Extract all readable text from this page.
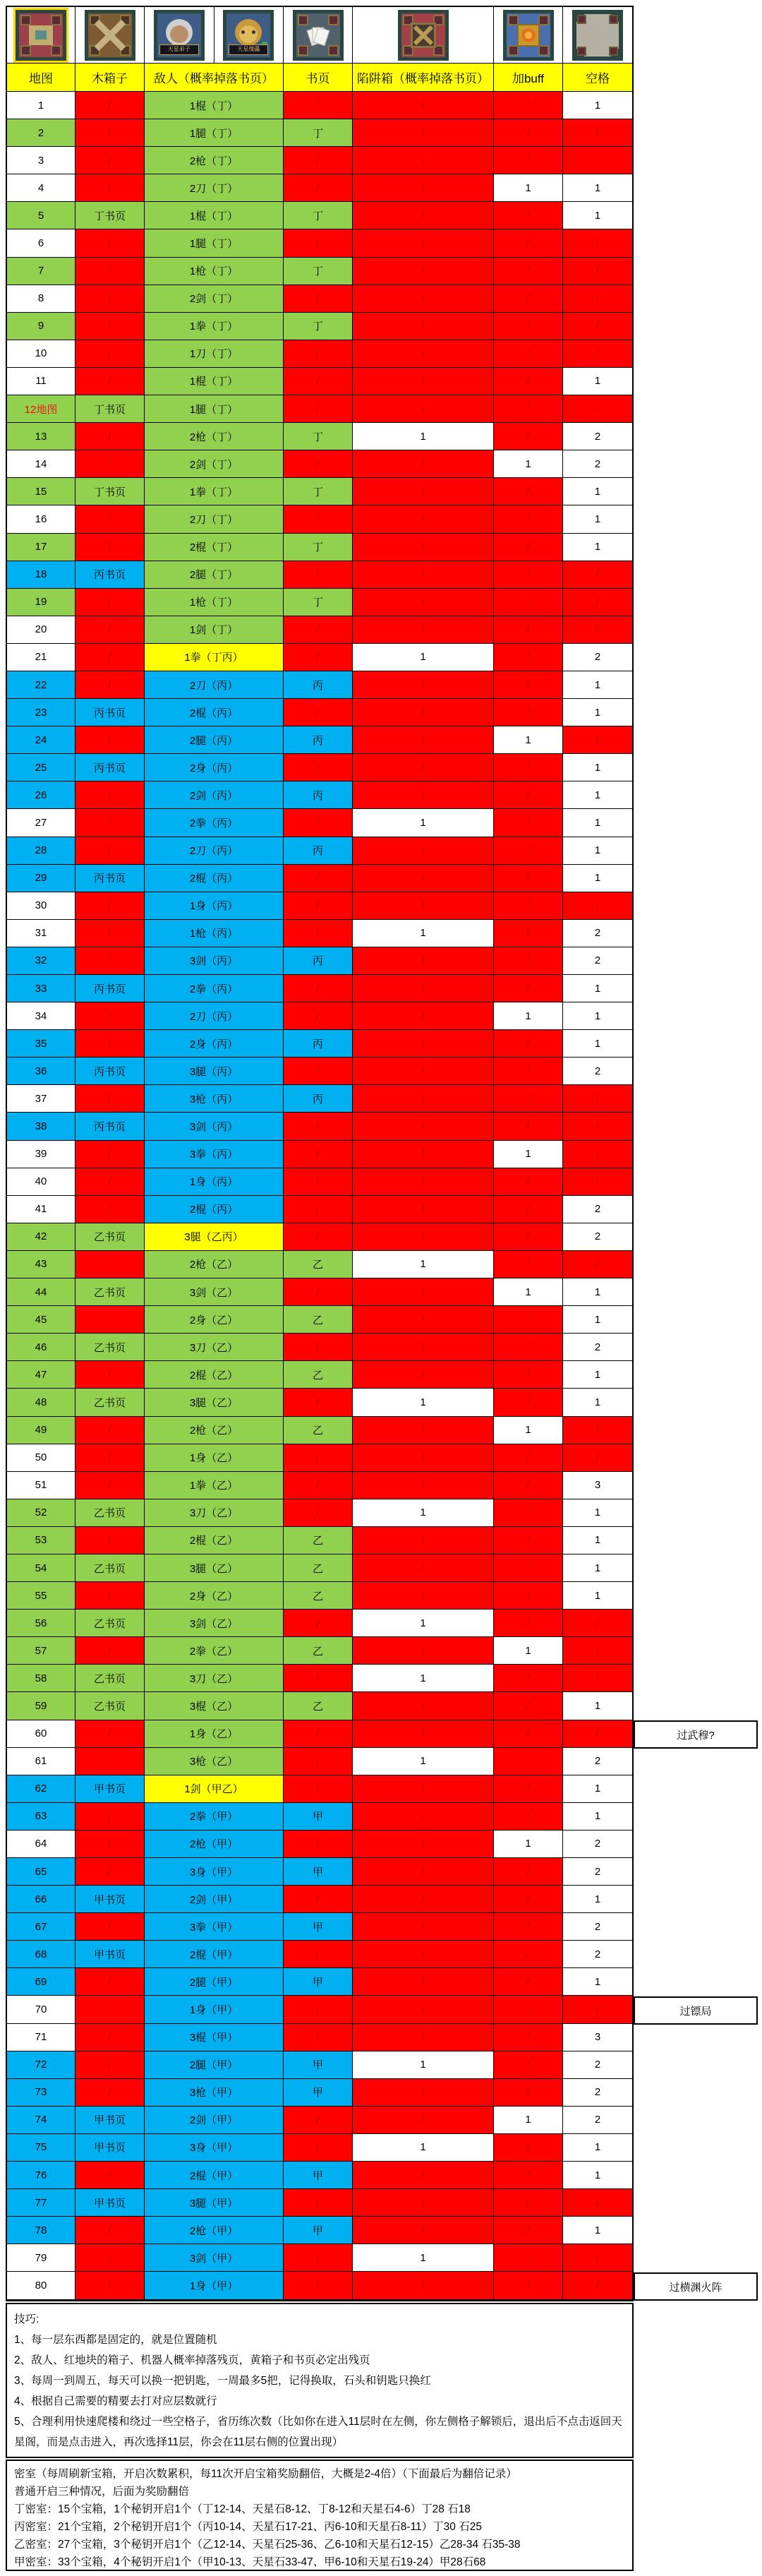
天星弟子	天星傀儡
地图	木箱子	敌人（概率掉落书页）	书页	陷阱箱（概率掉落书页）	加buff	空格
1	/	1棍（丁）	/	/	/	1
2	/	1腿（丁）	丁	/	/	/
3	/	2枪（丁）	/	/	/	/
4	/	2刀（丁）	/	/	1	1
5	丁书页	1棍（丁）	丁	/	/	1
6	/	1腿（丁）	/	/	/	/
7	/	1枪（丁）	丁	/	/	/
8	/	2剑（丁）	/	/	/	/
9	/	1拳（丁）	丁	/	/	/
10	/	1刀（丁）	/	/	/	/
11	/	1棍（丁）	/	/	/	1
12地图	丁书页	1腿（丁）	/	/	/	/
13	/	2枪（丁）	丁	1	/	2
14	/	2剑（丁）	/	/	1	2
15	丁书页	1拳（丁）	丁	/	/	1
16	/	2刀（丁）	/	/	/	1
17	/	2棍（丁）	丁	/	/	1
18	丙书页	2腿（丁）	/	/	/	/
19	/	1枪（丁）	丁	/	/	/
20	/	1剑（丁）	/	/	/	/
21	/	1拳（丁丙）	/	1	/	2
22	/	2刀（丙）	丙	/	/	1
23	丙书页	2棍（丙）	/	/	/	1
24	/	2腿（丙）	丙	/	1	/
25	丙书页	2身（丙）	/	/	/	1
26	/	2剑（丙）	丙	/	/	1
27	/	2拳（丙）	/	1	/	1
28	/	2刀（丙）	丙	/	/	1
29	丙书页	2棍（丙）	/	/	/	1
30	/	1身（丙）	/	/	/	/
31	/	1枪（丙）	/	1	/	2
32	/	3剑（丙）	丙	/	/	2
33	丙书页	2拳（丙）	/	/	/	1
34	/	2刀（丙）	/	/	1	1
35	/	2身（丙）	丙	/	/	1
36	丙书页	3腿（丙）	/	/	/	2
37	/	3枪（丙）	丙	/	/	/
38	丙书页	3剑（丙）	/	/	/	/
39	/	3拳（丙）	/	/	1	/
40	/	1身（丙）	/	/	/	/
41	/	2棍（丙）	/	/	/	2
42	乙书页	3腿（乙丙）	/	/	/	2
43	/	2枪（乙）	乙	1	/	/
44	乙书页	3剑（乙）	/	/	1	1
45	/	2身（乙）	乙	/	/	1
46	乙书页	3刀（乙）	/	/	/	2
47	/	2棍（乙）	乙	/	/	1
48	乙书页	3腿（乙）	/	1	/	1
49	/	2枪（乙）	乙	/	1	/
50	/	1身（乙）	/	/	/	/
51	/	1拳（乙）	/	/	/	3
52	乙书页	3刀（乙）	/	1	/	1
53	/	2棍（乙）	乙	/	/	1
54	乙书页	3腿（乙）	乙	/	/	1
55	/	2身（乙）	乙	/	/	1
56	乙书页	3剑（乙）	/	1	/	/
57	/	2拳（乙）	乙	/	1	/
58	乙书页	3刀（乙）	/	1	/	/
59	乙书页	3棍（乙）	乙	/	/	1
60	/	1身（乙）	/	/	/	/
61	/	3枪（乙）	/	1	/	2
62	甲书页	1剑（甲乙）	/	/	/	1
63	/	2拳（甲）	甲	/	/	1
64	/	2枪（甲）	/	/	1	2
65	/	3身（甲）	甲	/	/	2
66	甲书页	2剑（甲）	/	/	/	1
67	/	3拳（甲）	甲	/	/	2
68	甲书页	2棍（甲）	/	/	/	2
69	/	2腿（甲）	甲	/	/	1
70	/	1身（甲）	/	/	/	/
71	/	3棍（甲）	/	/	/	3
72	/	2腿（甲）	甲	1	/	2
73	/	3枪（甲）	甲	/	/	2
74	甲书页	2剑（甲）	/	/	1	2
75	甲书页	3身（甲）	/	1	/	1
76	/	2棍（甲）	甲	/	/	1
77	甲书页	3腿（甲）	/	/	/	/
78	/	2枪（甲）	甲	/	/	1
79	/	3剑（甲）	/	1	/	/
80	/	1身（甲）	/	/	/	/
技巧:
1、每一层东西都是固定的，就是位置随机
2、敌人、红地块的箱子、机器人概率掉落残页，黄箱子和书页必定出残页
3、每周一到周五，每天可以换一把钥匙，一周最多5把，记得换取，石头和钥匙只换红
4、根据自己需要的精要去打对应层数就行
5、合理利用快速爬楼和绕过一些空格子，省历练次数（比如你在进入11层时在左侧，你左侧格子解锁后，退出后不点击返回天星阁，而是点击进入，再次选择11层，你会在11层右侧的位置出现）
密室（每周刷新宝箱，开启次数累积，每11次开启宝箱奖励翻倍，大概是2-4倍）（下面最后为翻倍记录）
普通开启三种情况，后面为奖励翻倍
丁密室：15个宝箱，1个秘钥开启1个（丁12-14、天星石8-12、丁8-12和天星石4-6）丁28 石18
丙密室：21个宝箱，2个秘钥开启1个（丙10-14、天星石17-21、丙6-10和天星石8-11）丁30 石25
乙密室：27个宝箱，3个秘钥开启1个（乙12-14、天星石25-36、乙6-10和天星石12-15）乙28-34 石35-38
甲密室：33个宝箱，4个秘钥开启1个（甲10-13、天星石33-47、甲6-10和天星石19-24）甲28石68
过武穆?
过镖局
过横渊火阵
